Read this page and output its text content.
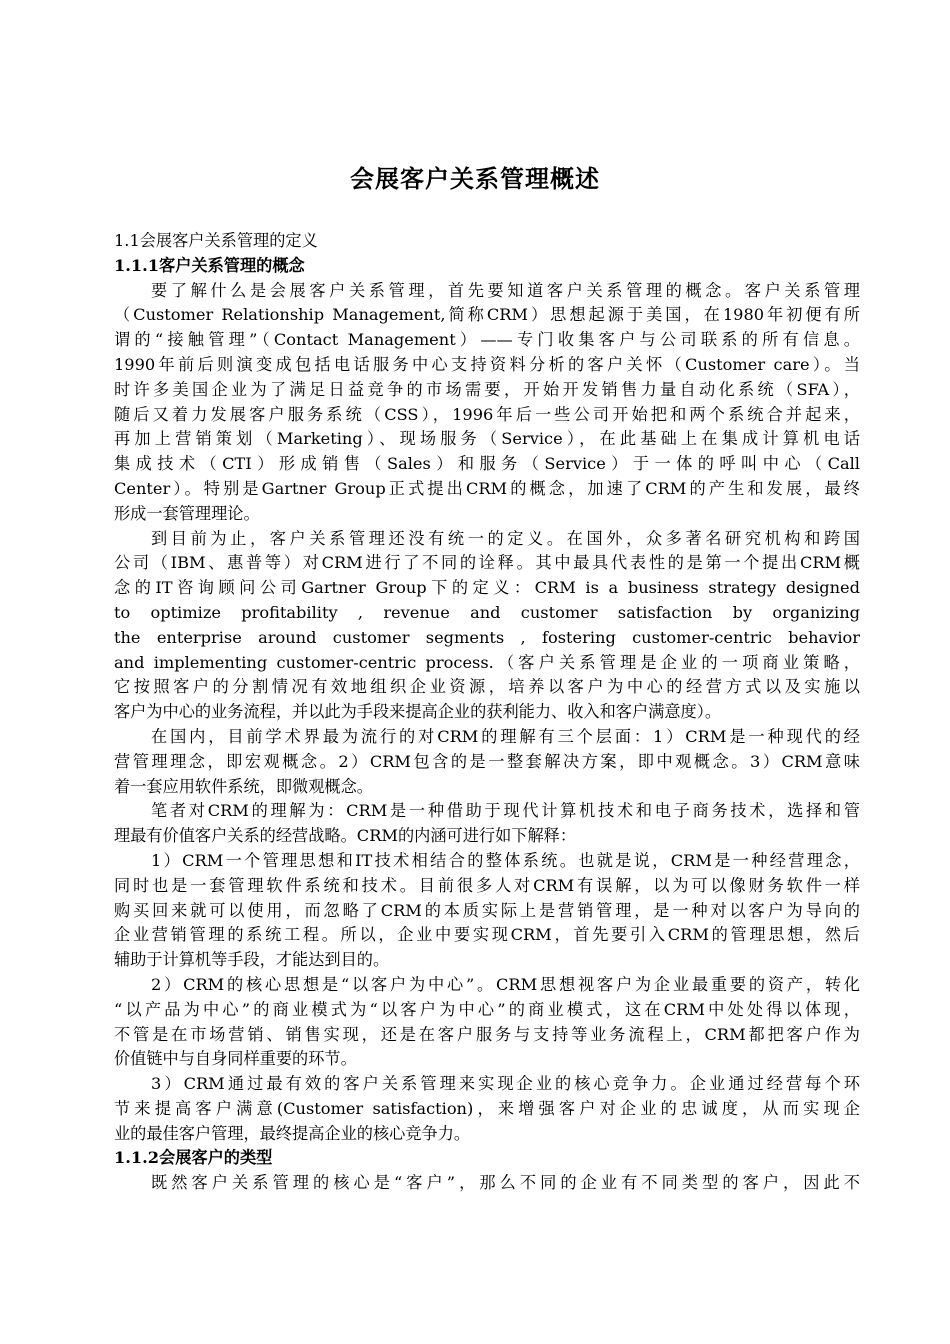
会展客户关系管理概述
1.1会展客户关系管理的定义
1.1.1客户关系管理的概念
要了解什么是会展客户关系管理，首先要知道客户关系管理的概念。客户关系管理
（Customer Relationship Management,简称CRM）思想起源于美国，在1980年初便有所
谓的“接触管理”（Contact Management）——专门收集客户与公司联系的所有信息。
1990年前后则演变成包括电话服务中心支持资料分析的客户关怀（Customer care）。当
时许多美国企业为了满足日益竞争的市场需要，开始开发销售力量自动化系统（SFA），
随后又着力发展客户服务系统（CSS），1996年后一些公司开始把和两个系统合并起来，
再加上营销策划（Marketing）、现场服务（Service），在此基础上在集成计算机电话
集成技术（CTI）形成销售（Sales）和服务（Service）于一体的呼叫中心（Call
Center）。特别是Gartner Group正式提出CRM的概念，加速了CRM的产生和发展，最终
形成一套管理理论。
到目前为止，客户关系管理还没有统一的定义。在国外，众多著名研究机构和跨国
公司（IBM、惠普等）对CRM进行了不同的诠释。其中最具代表性的是第一个提出CRM概
念的IT咨询顾问公司Gartner Group下的定义：CRM is a business strategy designed
to optimize profitability , revenue and customer satisfaction by organizing
the enterprise around customer segments , fostering customer-centric behavior
and implementing customer-centric process.（客户关系管理是企业的一项商业策略，
它按照客户的分割情况有效地组织企业资源，培养以客户为中心的经营方式以及实施以
客户为中心的业务流程，并以此为手段来提高企业的获利能力、收入和客户满意度）。
在国内，目前学术界最为流行的对CRM的理解有三个层面：1）CRM是一种现代的经
营管理理念，即宏观概念。2）CRM包含的是一整套解决方案，即中观概念。3）CRM意味
着一套应用软件系统，即微观概念。
笔者对CRM的理解为：CRM是一种借助于现代计算机技术和电子商务技术，选择和管
理最有价值客户关系的经营战略。CRM的内涵可进行如下解释：
1）CRM一个管理思想和IT技术相结合的整体系统。也就是说，CRM是一种经营理念，
同时也是一套管理软件系统和技术。目前很多人对CRM有误解，以为可以像财务软件一样
购买回来就可以使用，而忽略了CRM的本质实际上是营销管理，是一种对以客户为导向的
企业营销管理的系统工程。所以，企业中要实现CRM，首先要引入CRM的管理思想，然后
辅助于计算机等手段，才能达到目的。
2）CRM的核心思想是“以客户为中心”。CRM思想视客户为企业最重要的资产，转化
“以产品为中心”的商业模式为“以客户为中心”的商业模式，这在CRM中处处得以体现，
不管是在市场营销、销售实现，还是在客户服务与支持等业务流程上，CRM都把客户作为
价值链中与自身同样重要的环节。
3）CRM通过最有效的客户关系管理来实现企业的核心竞争力。企业通过经营每个环
节来提高客户满意(Customer satisfaction)，来增强客户对企业的忠诚度，从而实现企
业的最佳客户管理，最终提高企业的核心竞争力。
1.1.2会展客户的类型
既然客户关系管理的核心是“客户”，那么不同的企业有不同类型的客户，因此不
